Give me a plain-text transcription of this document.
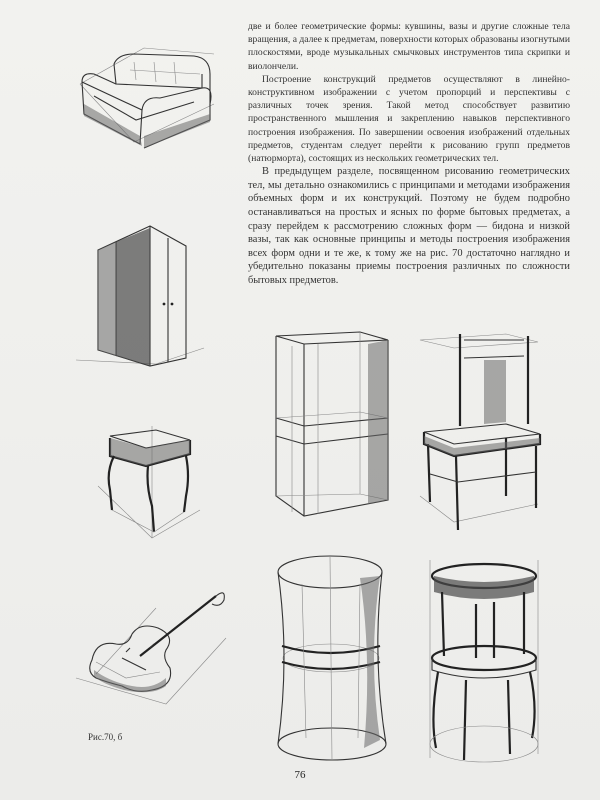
две и более геометрические формы: кувшины, вазы и другие сложные тела вращения, а далее к предметам, поверхности которых образованы изогнутыми плоскостями, вроде музыкальных смычковых инструментов типа скрипки и виолончели.

Построение конструкций предметов осуществляют в линейно-конструктивном изображении с учетом пропорций и перспективы с различных точек зрения. Такой метод способствует развитию пространственного мышления и закреплению навыков перспективного построения изображения. По завершении освоения изображений отдельных предметов, студентам следует перейти к рисованию групп предметов (натюрморта), состоящих из нескольких геометрических тел.

В предыдущем разделе, посвященном рисованию геометрических тел, мы детально ознакомились с принципами и методами изображения объемных форм и их конструкций. Поэтому не будем подробно останавливаться на простых и ясных по форме бытовых предметах, а сразу перейдем к рассмотрению сложных форм — бидона и низкой вазы, так как основные принципы и методы построения изображения всех форм одни и те же, к тому же на рис. 70 достаточно наглядно и убедительно показаны приемы построения различных по сложности бытовых предметов.

Рис.70, б
76
